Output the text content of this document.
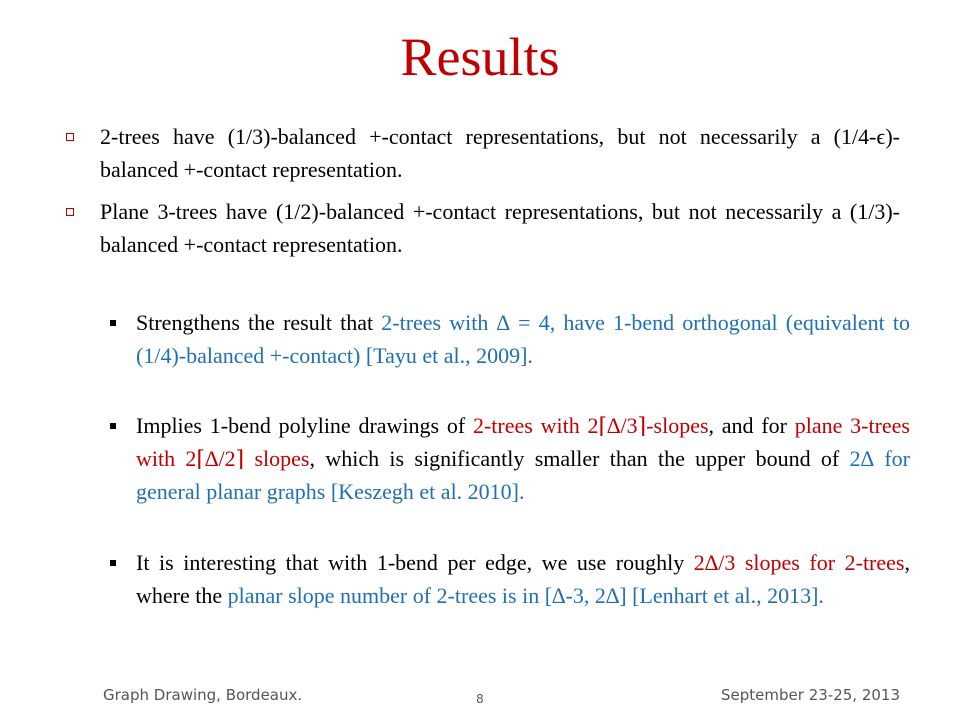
Results
2-trees have (1/3)-balanced +-contact representations, but not necessarily a (1/4-ϵ)-balanced +-contact representation.
Plane 3-trees have (1/2)-balanced +-contact representations, but not necessarily a (1/3)-balanced +-contact representation.
Strengthens the result that 2-trees with ∆ = 4, have 1-bend orthogonal (equivalent to (1/4)-balanced +-contact) [Tayu et al., 2009].
Implies 1-bend polyline drawings of 2-trees with 2⌈∆/3⌉-slopes, and for plane 3-trees with 2⌈∆/2⌉ slopes, which is significantly smaller than the upper bound of 2∆ for general planar graphs [Keszegh et al. 2010].
It is interesting that with 1-bend per edge, we use roughly 2∆/3 slopes for 2-trees, where the planar slope number of 2-trees is in [∆-3, 2∆] [Lenhart et al., 2013].
Graph Drawing, Bordeaux.	8	September 23-25, 2013
